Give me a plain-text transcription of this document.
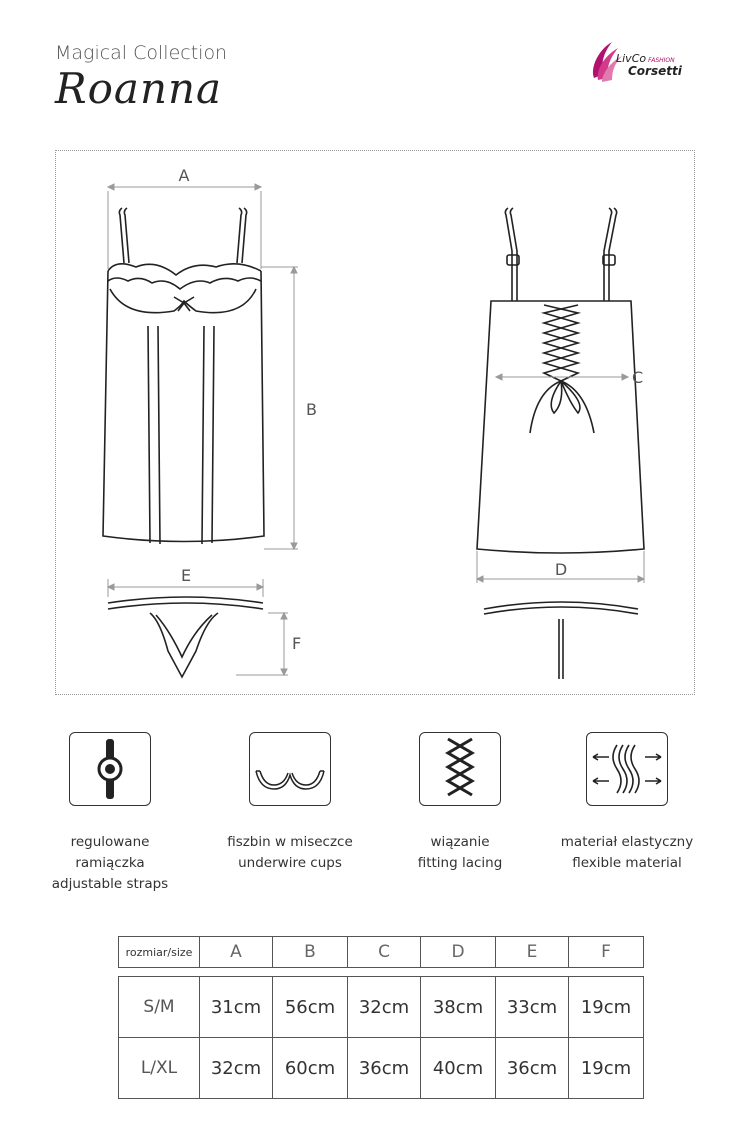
Magical Collection
Roanna
LivCo FASHION
Corsetti
A
B
C
D
E
F
regulowane
ramiączka
adjustable straps
fiszbin w miseczce
underwire cups
wiązanie
fitting lacing
materiał elastyczny
flexible material
rozmiar/size	A	B	C	D	E	F

S/M	31cm	56cm	32cm	38cm	33cm	19cm
L/XL	32cm	60cm	36cm	40cm	36cm	19cm
